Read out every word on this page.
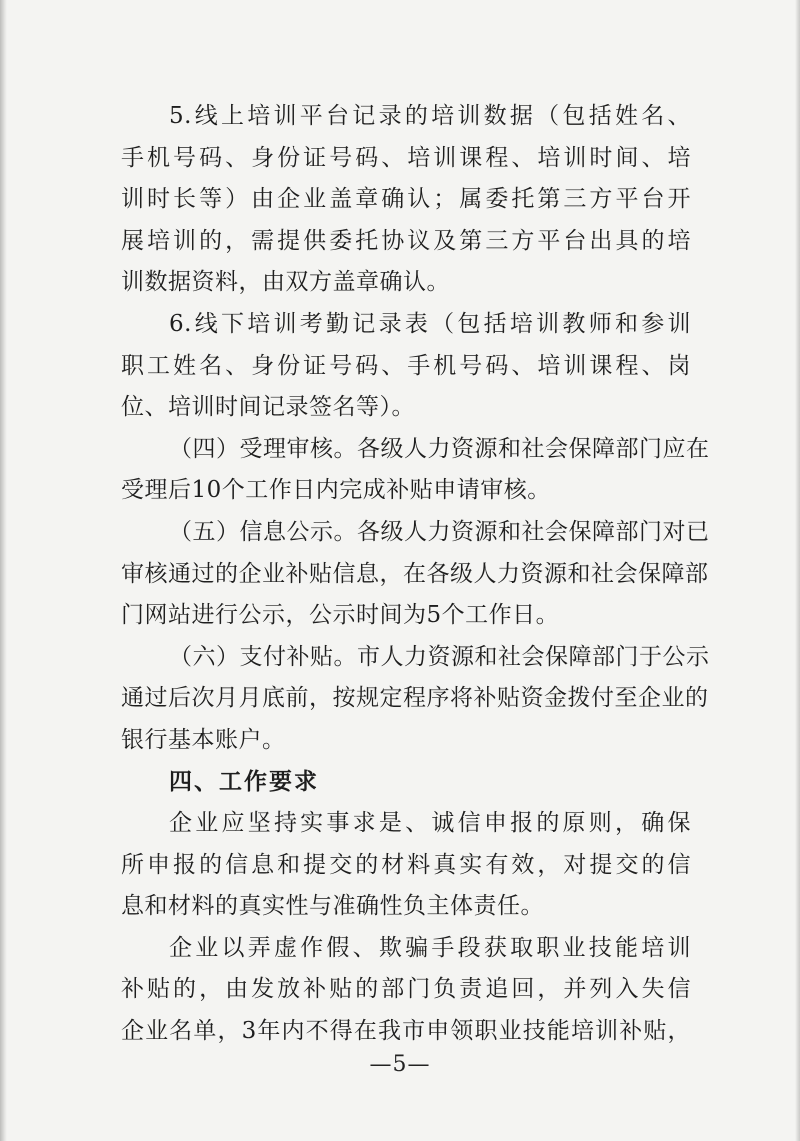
5.线上培训平台记录的培训数据（包括姓名、
手机号码、身份证号码、培训课程、培训时间、培
训时长等）由企业盖章确认；属委托第三方平台开
展培训的，需提供委托协议及第三方平台出具的培
训数据资料，由双方盖章确认。
6.线下培训考勤记录表（包括培训教师和参训
职工姓名、身份证号码、手机号码、培训课程、岗
位、培训时间记录签名等）。
（四）受理审核。各级人力资源和社会保障部门应在
受理后10个工作日内完成补贴申请审核。
（五）信息公示。各级人力资源和社会保障部门对已
审核通过的企业补贴信息，在各级人力资源和社会保障部
门网站进行公示，公示时间为5个工作日。
（六）支付补贴。市人力资源和社会保障部门于公示
通过后次月月底前，按规定程序将补贴资金拨付至企业的
银行基本账户。
四、工作要求
企业应坚持实事求是、诚信申报的原则，确保
所申报的信息和提交的材料真实有效，对提交的信
息和材料的真实性与准确性负主体责任。
企业以弄虚作假、欺骗手段获取职业技能培训
补贴的，由发放补贴的部门负责追回，并列入失信
企业名单，3年内不得在我市申领职业技能培训补贴，
—5—
